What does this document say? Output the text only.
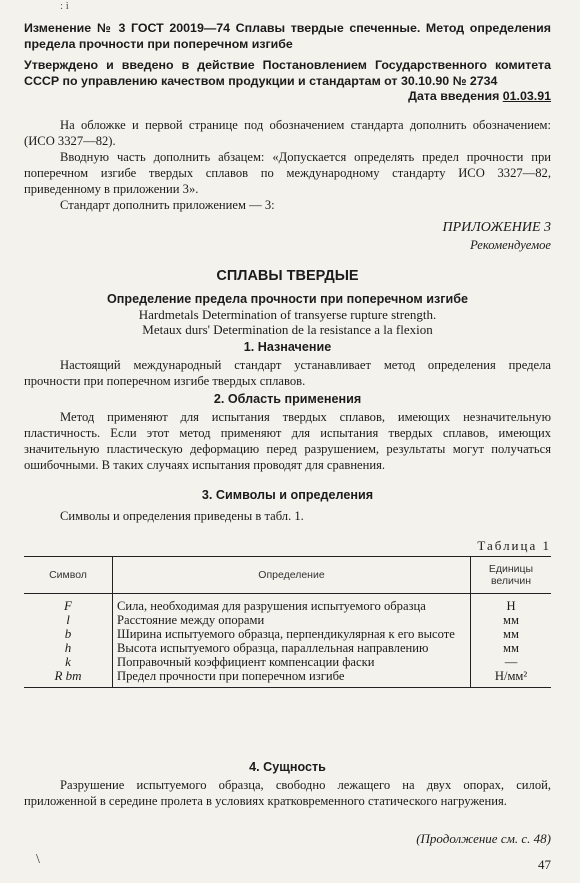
: i
Изменение № 3 ГОСТ 20019—74 Сплавы твердые спеченные. Метод определения предела прочности при поперечном изгибе
Утверждено и введено в действие Постановлением Государственного комитета СССР по управлению качеством продукции и стандартам от 30.10.90 № 2734
Дата введения 01.03.91
На обложке и первой странице под обозначением стандарта дополнить обозначением: (ИСО 3327—82).
Вводную часть дополнить абзацем: «Допускается определять предел прочности при поперечном изгибе твердых сплавов по международному стандарту ИСО 3327—82, приведенному в приложении 3».
Стандарт дополнить приложением — 3:
ПРИЛОЖЕНИЕ 3
Рекомендуемое
СПЛАВЫ ТВЕРДЫЕ
Определение предела прочности при поперечном изгибе
Hardmetals Determination of transyerse rupture strength.
Metaux durs' Determination de la resistance a la flexion
1. Назначение
Настоящий международный стандарт устанавливает метод определения предела прочности при поперечном изгибе твердых сплавов.
2. Область применения
Метод применяют для испытания твердых сплавов, имеющих незначительную пластичность. Если этот метод применяют для испытания твердых сплавов, имеющих значительную пластическую деформацию перед разрушением, результаты могут получаться ошибочными. В таких случаях испытания проводят для сравнения.
3. Символы и определения
Символы и определения приведены в табл. 1.
Таблица 1
Символ	Определение	Единицы величин
F	Сила, необходимая для разрушения испытуемого образца	Н
l	Расстояние между опорами	мм
b	Ширина испытуемого образца, перпендикулярная к его высоте	мм
h	Высота испытуемого образца, параллельная направлению	мм
k	Поправочный коэффициент компенсации фаски	—
R bm	Предел прочности при поперечном изгибе	Н/мм²
4. Сущность
Разрушение испытуемого образца, свободно лежащего на двух опорах, силой, приложенной в середине пролета в условиях кратковременного статического нагружения.
(Продолжение см. с. 48)
\	47
